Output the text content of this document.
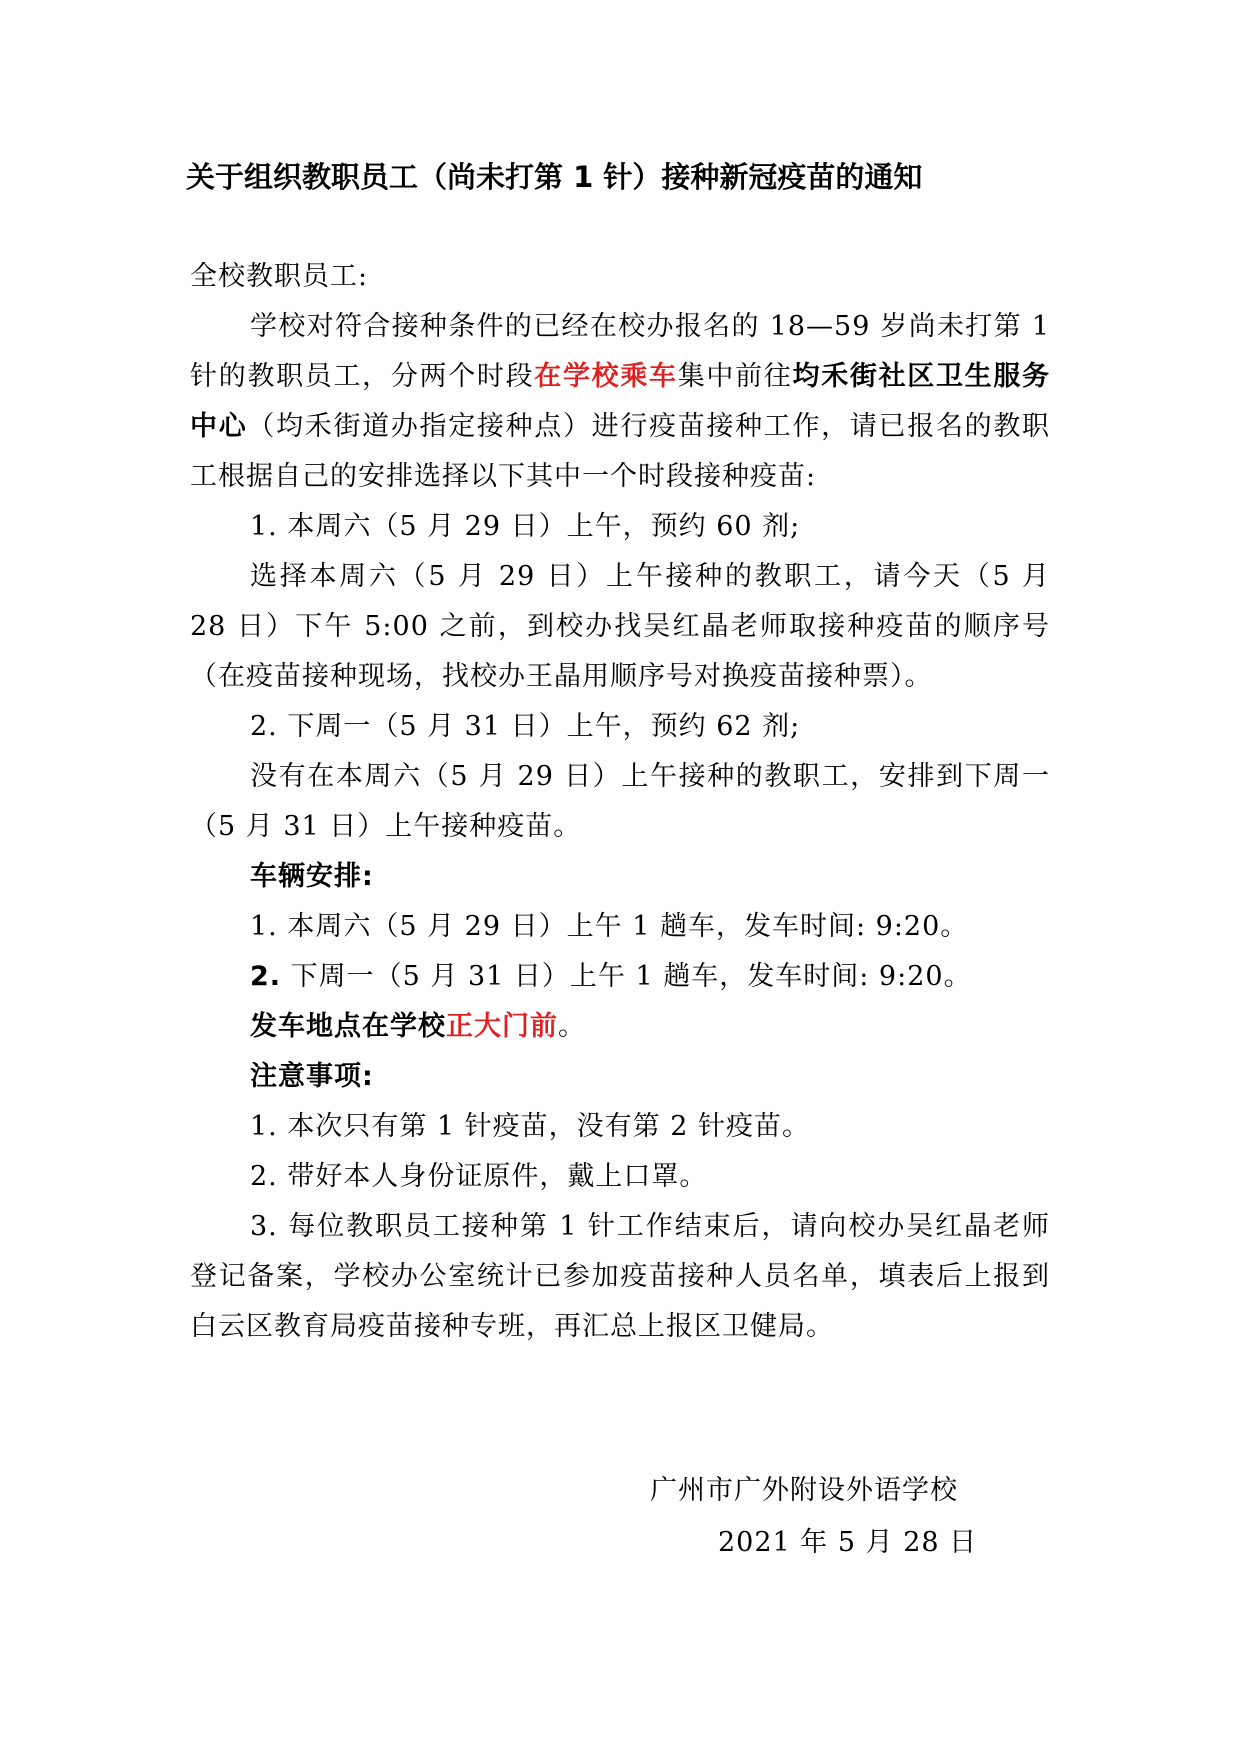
关于组织教职员工（尚未打第 1 针）接种新冠疫苗的通知

全校教职员工:

学校对符合接种条件的已经在校办报名的 18—59 岁尚未打第 1 针的教职员工，分两个时段在学校乘车集中前往均禾街社区卫生服务中心（均禾街道办指定接种点）进行疫苗接种工作，请已报名的教职工根据自己的安排选择以下其中一个时段接种疫苗:

1. 本周六（5 月 29 日）上午，预约 60 剂;

选择本周六（5 月 29 日）上午接种的教职工，请今天（5 月 28 日）下午 5:00 之前，到校办找吴红晶老师取接种疫苗的顺序号（在疫苗接种现场，找校办王晶用顺序号对换疫苗接种票）。

2. 下周一（5 月 31 日）上午，预约 62 剂;

没有在本周六（5 月 29 日）上午接种的教职工，安排到下周一（5 月 31 日）上午接种疫苗。

车辆安排:

1. 本周六（5 月 29 日）上午 1 趟车，发车时间: 9:20。

2. 下周一（5 月 31 日）上午 1 趟车，发车时间: 9:20。

发车地点在学校正大门前。

注意事项:

1. 本次只有第 1 针疫苗，没有第 2 针疫苗。

2. 带好本人身份证原件，戴上口罩。

3. 每位教职员工接种第 1 针工作结束后，请向校办吴红晶老师登记备案，学校办公室统计已参加疫苗接种人员名单，填表后上报到白云区教育局疫苗接种专班，再汇总上报区卫健局。

广州市广外附设外语学校
2021 年 5 月 28 日
